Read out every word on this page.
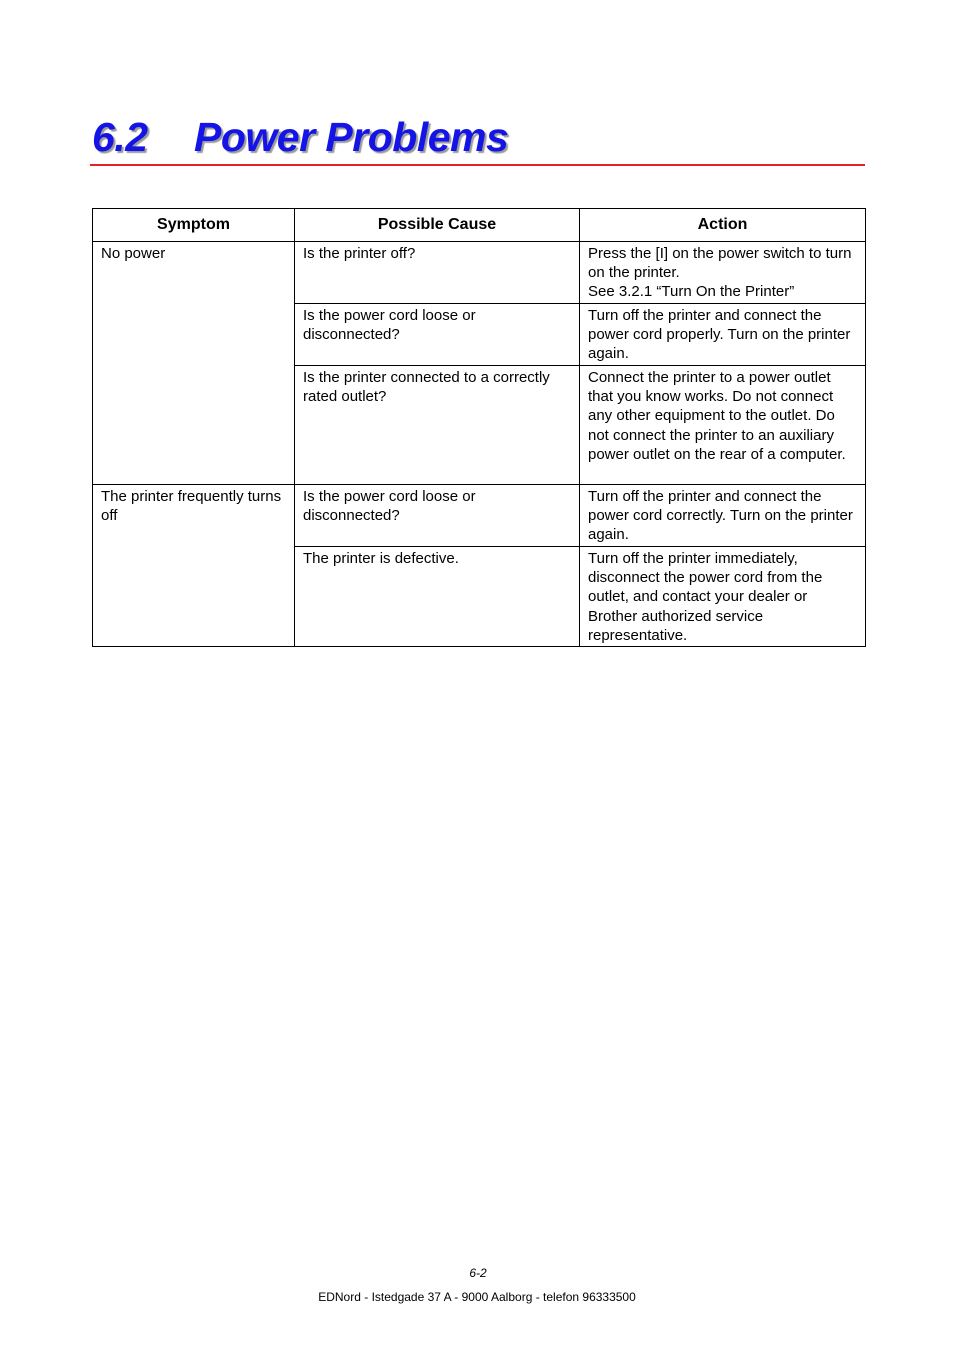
6.2 Power Problems
Symptom	Possible Cause	Action
No power	Is the printer off?	Press the [I] on the power switch to turn on the printer.
See 3.2.1 “Turn On the Printer”

	Is the power cord loose or disconnected?	Turn off the printer and connect the power cord properly. Turn on the printer again.
	Is the printer connected to a correctly rated outlet?	Connect the printer to a power outlet that you know works. Do not connect any other equipment to the outlet. Do not connect the printer to an auxiliary power outlet on the rear of a computer.
The printer frequently turns off	Is the power cord loose or disconnected?	Turn off the printer and connect the power cord correctly. Turn on the printer again.
	The printer is defective.	Turn off the printer immediately, disconnect the power cord from the outlet, and contact your dealer or Brother authorized service representative.
6-2
EDNord - Istedgade 37 A - 9000 Aalborg - telefon 96333500
